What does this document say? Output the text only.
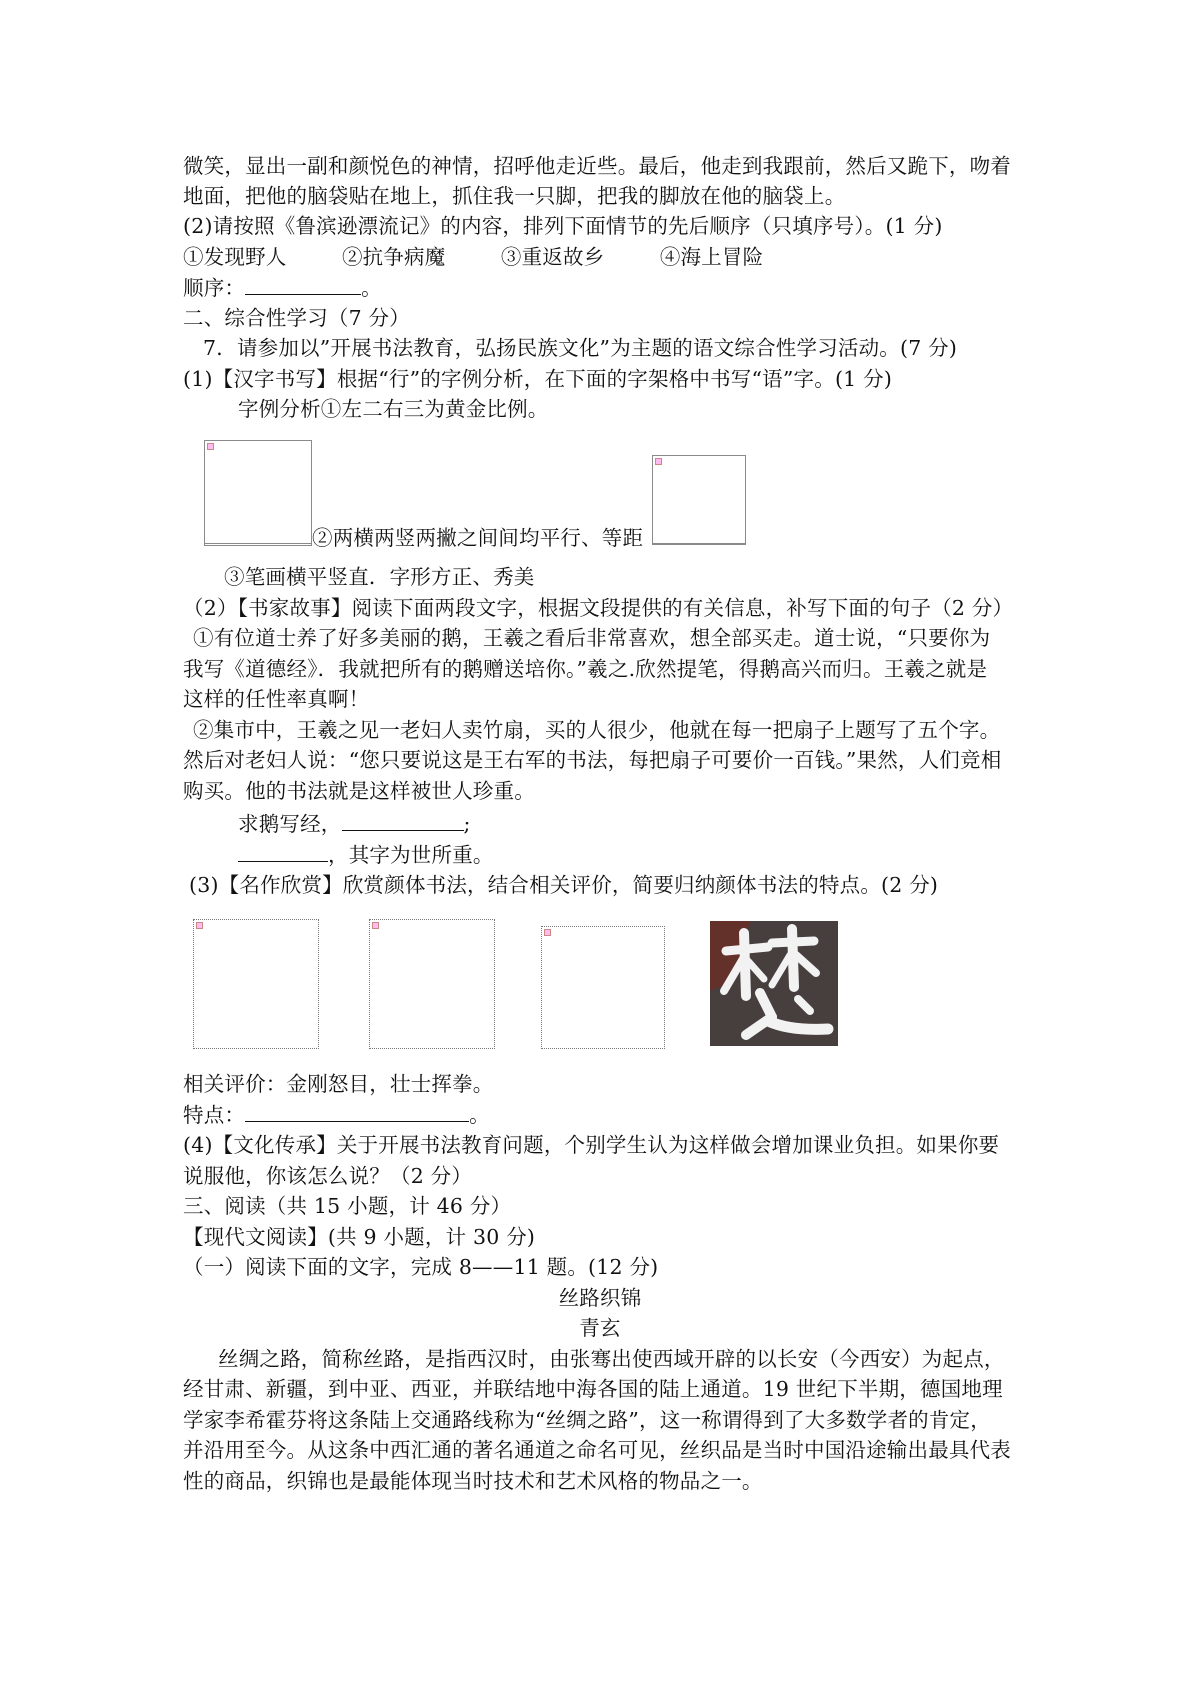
微笑，显出一副和颜悦色的神情，招呼他走近些。最后，他走到我跟前，然后又跪下，吻着
地面，把他的脑袋贴在地上，抓住我一只脚，把我的脚放在他的脑袋上。
(2)请按照《鲁滨逊漂流记》的内容，排列下面情节的先后顺序（只填序号）。(1 分)
①发现野人	②抗争病魔	③重返故乡	④海上冒险
顺序：	。
二、综合性学习（7 分）
7．请参加以”开展书法教育，弘扬民族文化”为主题的语文综合性学习活动。(7 分)
(1)【汉字书写】根据“行”的字例分析，在下面的字架格中书写“语”字。(1 分)
字例分析①左二右三为黄金比例。
②两横两竖两撇之间间均平行、等距
③笔画横平竖直．字形方正、秀美
（2）【书家故事】阅读下面两段文字，根据文段提供的有关信息，补写下面的句子（2 分）
①有位道士养了好多美丽的鹅，王羲之看后非常喜欢，想全部买走。道士说，“只要你为
我写《道德经》．我就把所有的鹅赠送培你。”羲之.欣然提笔，得鹅高兴而归。王羲之就是
这样的任性率真啊！
②集市中，王羲之见一老妇人卖竹扇，买的人很少，他就在每一把扇子上题写了五个字。
然后对老妇人说：“您只要说这是王右军的书法，每把扇子可要价一百钱。”果然，人们竞相
购买。他的书法就是这样被世人珍重。
求鹅写经，	;
，其字为世所重。
(3)【名作欣赏】欣赏颜体书法，结合相关评价，简要归纳颜体书法的特点。(2 分)
相关评价：金刚怒目，壮士挥拳。
特点：	。
(4)【文化传承】关于开展书法教育问题，个别学生认为这样做会增加课业负担。如果你要
说服他，你该怎么说？（2 分）
三、阅读（共 15 小题，计 46 分）
【现代文阅读】(共 9 小题，计 30 分)
（一）阅读下面的文字，完成 8——11 题。(12 分)
丝路织锦
青玄
丝绸之路，简称丝路，是指西汉时，由张骞出使西域开辟的以长安（今西安）为起点，
经甘肃、新疆，到中亚、西亚，并联结地中海各国的陆上通道。19 世纪下半期，德国地理
学家李希霍芬将这条陆上交通路线称为“丝绸之路”，这一称谓得到了大多数学者的肯定，
并沿用至今。从这条中西汇通的著名通道之命名可见，丝织品是当时中国沿途输出最具代表
性的商品，织锦也是最能体现当时技术和艺术风格的物品之一。
